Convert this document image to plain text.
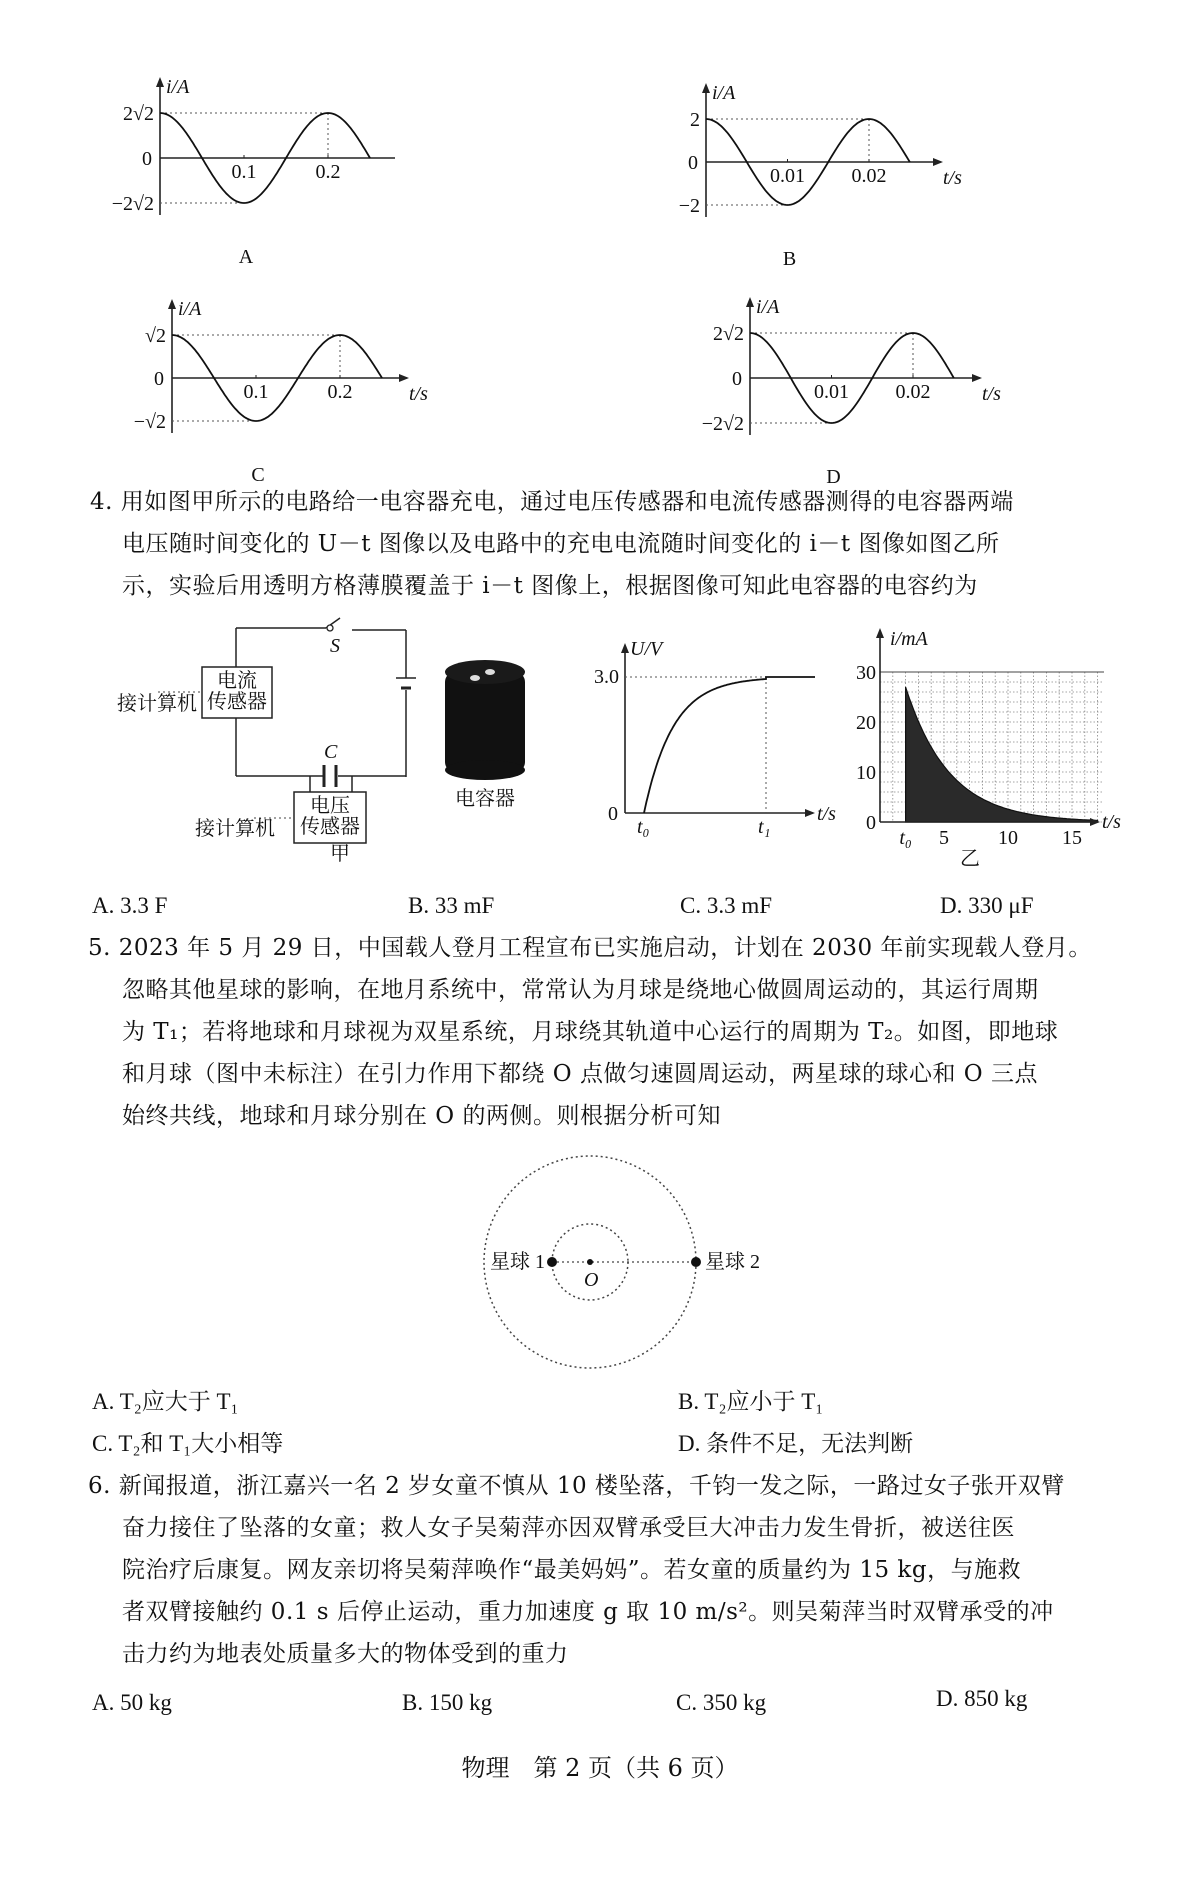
i/A
2√2
0
−2√2
0.1	0.2
A
t/s
i/A
2
0
−2
0.01 0.02
B
t/s
i/A
√2
0
−√2
0.1	0.2
C
t/s
i/A
2√2
0
−2√2
0.01 0.02
D
4. 用如图甲所示的电路给一电容器充电，通过电压传感器和电流传感器测得的电容器两端
电压随时间变化的 U－t 图像以及电路中的充电电流随时间变化的 i－t 图像如图乙所
示，实验后用透明方格薄膜覆盖于 i－t 图像上，根据图像可知此电容器的电容约为
S
C
电流
传感器
电压
传感器
接计算机
接计算机
电容器
甲
U/V
t/s
3.0
0
t₀	t₁
i/mA
t/s
乙
30
20
10
0
t₀ 5 10 15
A. 3.3 F	B. 33 mF	C. 3.3 mF	D. 330 μF
5. 2023 年 5 月 29 日，中国载人登月工程宣布已实施启动，计划在 2030 年前实现载人登月。
忽略其他星球的影响，在地月系统中，常常认为月球是绕地心做圆周运动的，其运行周期
为 T₁；若将地球和月球视为双星系统，月球绕其轨道中心运行的周期为 T₂。如图，即地球
和月球（图中未标注）在引力作用下都绕 O 点做匀速圆周运动，两星球的球心和 O 三点
始终共线，地球和月球分别在 O 的两侧。则根据分析可知
星球 1	星球 2
O
A. T₂应大于 T₁	B. T₂应小于 T₁
C. T₂和 T₁大小相等	D. 条件不足，无法判断
6. 新闻报道，浙江嘉兴一名 2 岁女童不慎从 10 楼坠落，千钧一发之际，一路过女子张开双臂
奋力接住了坠落的女童；救人女子吴菊萍亦因双臂承受巨大冲击力发生骨折，被送往医
院治疗后康复。网友亲切将吴菊萍唤作“最美妈妈”。若女童的质量约为 15 kg，与施救
者双臂接触约 0.1 s 后停止运动，重力加速度 g 取 10 m/s²。则吴菊萍当时双臂承受的冲
击力约为地表处质量多大的物体受到的重力
A. 50 kg	B. 150 kg	C. 350 kg	D. 850 kg
物理　第 2 页（共 6 页）
